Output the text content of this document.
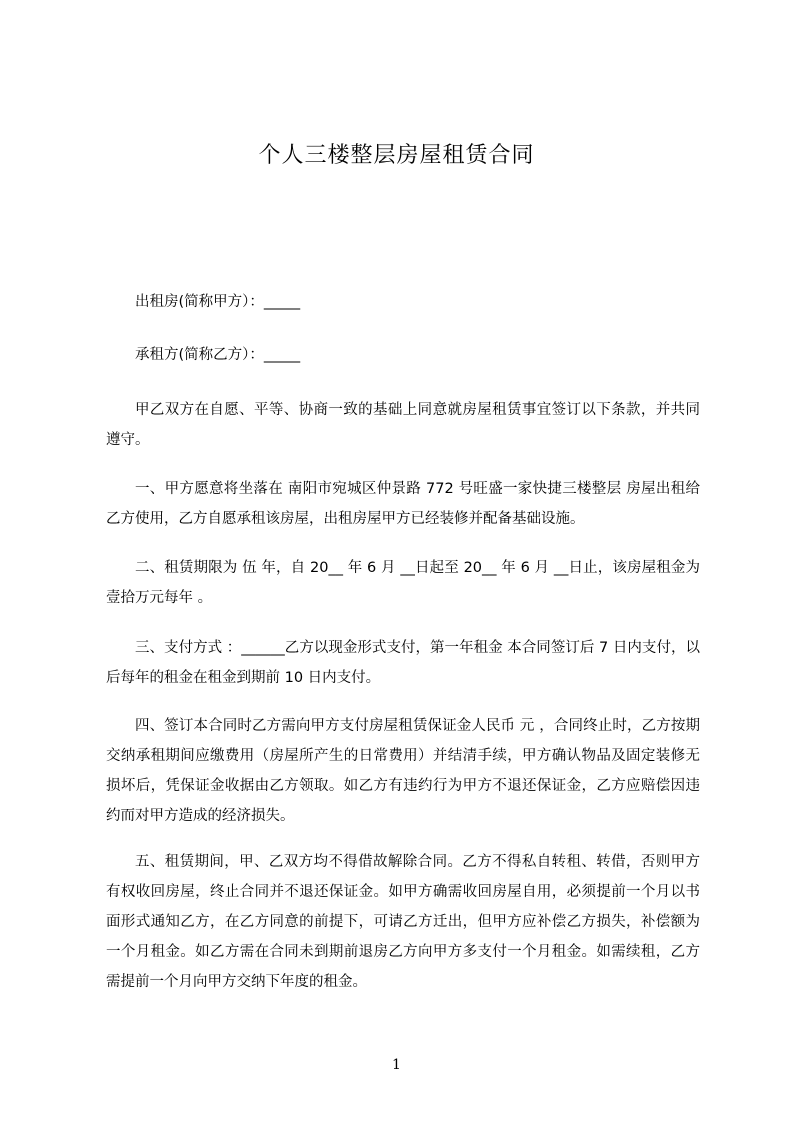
个人三楼整层房屋租赁合同

出租房(简称甲方）：_____

承租方(简称乙方）：_____

甲乙双方在自愿、平等、协商一致的基础上同意就房屋租赁事宜签订以下条款，并共同遵守。

一、甲方愿意将坐落在 南阳市宛城区仲景路 772 号旺盛一家快捷三楼整层 房屋出租给乙方使用，乙方自愿承租该房屋，出租房屋甲方已经装修并配备基础设施。

二、租赁期限为 伍 年，自 20__ 年 6 月 __日起至 20__ 年 6 月 __日止，该房屋租金为 壹拾万元每年 。

三、支付方式 ：______乙方以现金形式支付，第一年租金 本合同签订后 7 日内支付，以后每年的租金在租金到期前 10 日内支付。

四、签订本合同时乙方需向甲方支付房屋租赁保证金人民币 元 ，合同终止时，乙方按期交纳承租期间应缴费用（房屋所产生的日常费用）并结清手续，甲方确认物品及固定装修无损坏后，凭保证金收据由乙方领取。如乙方有违约行为甲方不退还保证金，乙方应赔偿因违约而对甲方造成的经济损失。

五、租赁期间，甲、乙双方均不得借故解除合同。乙方不得私自转租、转借，否则甲方有权收回房屋，终止合同并不退还保证金。如甲方确需收回房屋自用，必须提前一个月以书面形式通知乙方，在乙方同意的前提下，可请乙方迁出，但甲方应补偿乙方损失，补偿额为一个月租金。如乙方需在合同未到期前退房乙方向甲方多支付一个月租金。如需续租，乙方需提前一个月向甲方交纳下年度的租金。

1
